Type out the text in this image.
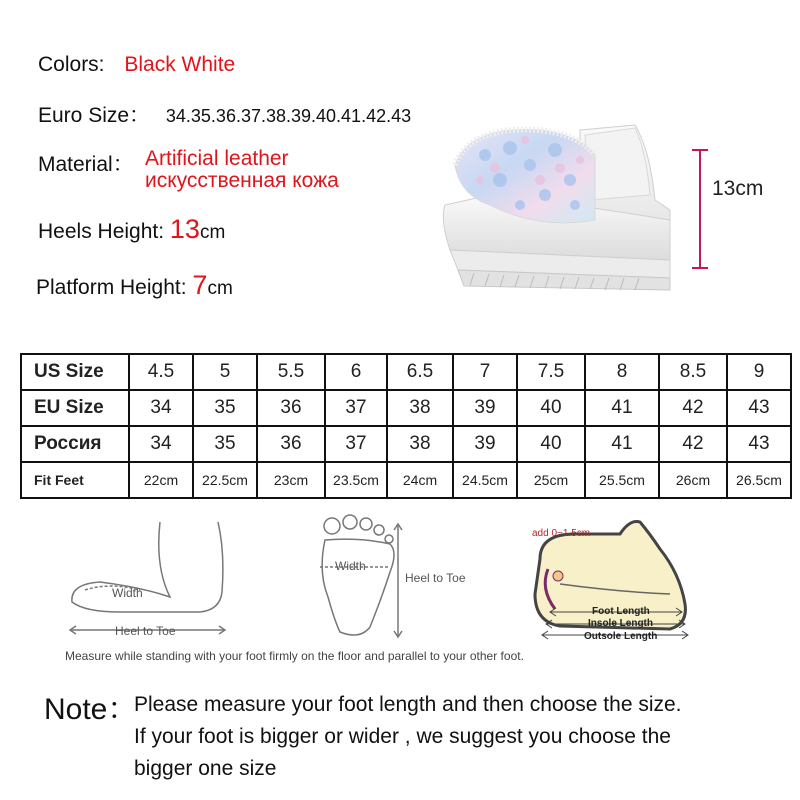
Colors: Black White
Euro Size： 34.35.36.37.38.39.40.41.42.43
Material： Artificial leather
искусственная кожа
Heels Height: 13cm
Platform Height: 7cm
13cm
US Size	4.5	5	5.5	6	6.5	7	7.5	8	8.5	9
EU Size	34	35	36	37	38	39	40	41	42	43
Россия	34	35	36	37	38	39	40	41	42	43
Fit Feet	22cm	22.5cm	23cm	23.5cm	24cm	24.5cm	25cm	25.5cm	26cm	26.5cm
Width
Heel to Toe
Width
Heel to Toe
Measure while standing with your foot firmly on the floor and parallel to your other foot.
add 0~1.5cm
Foot Length
Insole Length
Outsole Length
Note：
Please measure your foot length and then choose the size.
If your foot is bigger or wider , we suggest you choose the
bigger one size
